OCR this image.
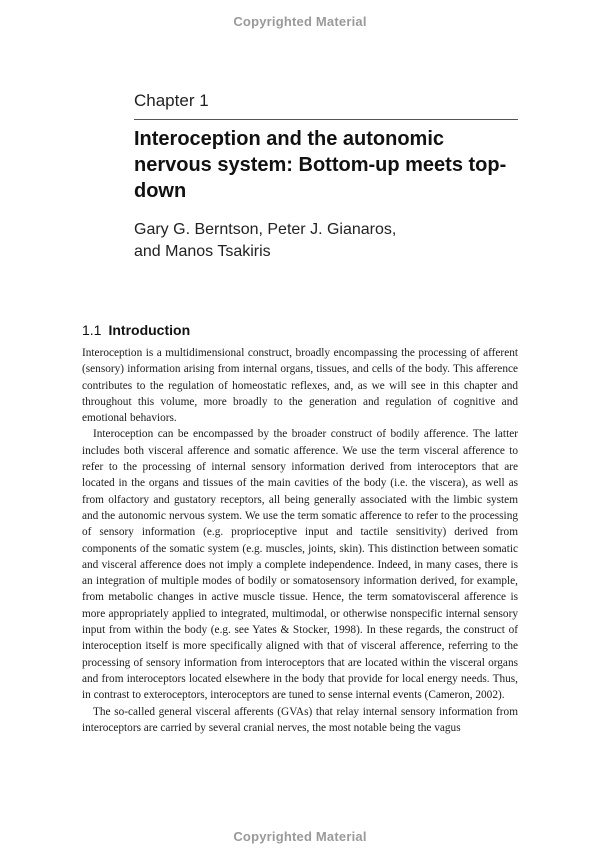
Copyrighted Material
Chapter 1
Interoception and the autonomic nervous system: Bottom-up meets top-down
Gary G. Berntson, Peter J. Gianaros,
and Manos Tsakiris
1.1 Introduction

Interoception is a multidimensional construct, broadly encompassing the processing of afferent (sensory) information arising from internal organs, tissues, and cells of the body. This afference contributes to the regulation of homeostatic reflexes, and, as we will see in this chapter and throughout this volume, more broadly to the generation and regulation of cognitive and emotional behaviors.

Interoception can be encompassed by the broader construct of bodily afference. The latter includes both visceral afference and somatic afference. We use the term visceral afference to refer to the processing of internal sensory information derived from interoceptors that are located in the organs and tissues of the main cavities of the body (i.e. the viscera), as well as from olfactory and gustatory receptors, all being generally associated with the limbic system and the autonomic nervous system. We use the term somatic afference to refer to the processing of sensory information (e.g. proprioceptive input and tactile sensitivity) derived from components of the somatic system (e.g. muscles, joints, skin). This distinction between somatic and visceral afference does not imply a complete independence. Indeed, in many cases, there is an integration of multiple modes of bodily or somatosensory information derived, for example, from metabolic changes in active muscle tissue. Hence, the term somatovisceral afference is more appropriately applied to integrated, multimodal, or otherwise nonspecific internal sensory input from within the body (e.g. see Yates & Stocker, 1998). In these regards, the construct of interoception itself is more specifically aligned with that of visceral afference, referring to the processing of sensory information from interoceptors that are located within the visceral organs and from interoceptors located elsewhere in the body that provide for local energy needs. Thus, in contrast to exteroceptors, interoceptors are tuned to sense internal events (Cameron, 2002).

The so-called general visceral afferents (GVAs) that relay internal sensory information from interoceptors are carried by several cranial nerves, the most notable being the vagus

Copyrighted Material
